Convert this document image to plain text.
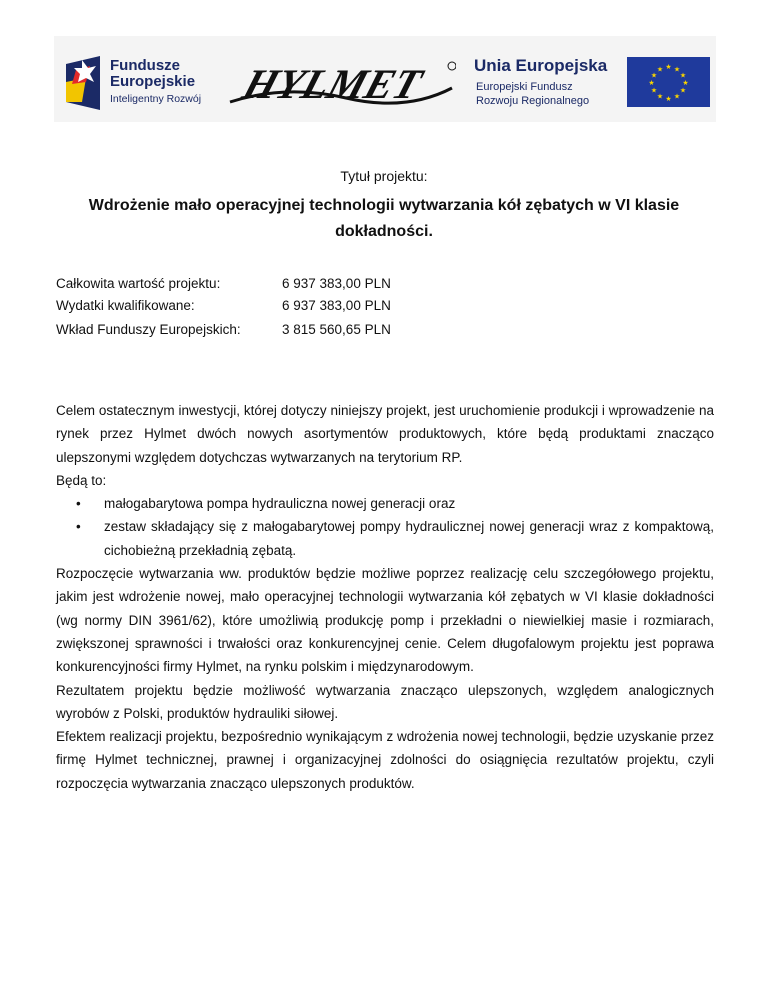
Fundusze
Europejskie
Inteligentny Rozwój HYLMET	Unia Europejska
Europejski Fundusz
Rozwoju Regionalnego
★ ★
★
★
★
★
★
★
★
★
★
★
Tytuł projektu:
Wdrożenie mało operacyjnej technologii wytwarzania kół zębatych w VI klasie dokładności.
Całkowita wartość projektu:	6 937 383,00 PLN
Wydatki kwalifikowane:	6 937 383,00 PLN
Wkład Funduszy Europejskich:	3 815 560,65 PLN

Celem ostatecznym inwestycji, której dotyczy niniejszy projekt, jest uruchomienie produkcji i wprowadzenie na rynek przez Hylmet dwóch nowych asortymentów produktowych, które będą produktami znacząco ulepszonymi względem dotychczas wytwarzanych na terytorium RP.

Będą to:

• małogabarytowa pompa hydrauliczna nowej generacji oraz
• zestaw składający się z małogabarytowej pompy hydraulicznej nowej generacji wraz z kompaktową, cichobieżną przekładnią zębatą.

Rozpoczęcie wytwarzania ww. produktów będzie możliwe poprzez realizację celu szczegółowego projektu, jakim jest wdrożenie nowej, mało operacyjnej technologii wytwarzania kół zębatych w VI klasie dokładności (wg normy DIN 3961/62), które umożliwią produkcję pomp i przekładni o niewielkiej masie i rozmiarach, zwiększonej sprawności i trwałości oraz konkurencyjnej cenie. Celem długofalowym projektu jest poprawa konkurencyjności firmy Hylmet, na rynku polskim i międzynarodowym.

Rezultatem projektu będzie możliwość wytwarzania znacząco ulepszonych, względem analogicznych wyrobów z Polski, produktów hydrauliki siłowej.

Efektem realizacji projektu, bezpośrednio wynikającym z wdrożenia nowej technologii, będzie uzyskanie przez firmę Hylmet technicznej, prawnej i organizacyjnej zdolności do osiągnięcia rezultatów projektu, czyli rozpoczęcia wytwarzania znacząco ulepszonych produktów.
